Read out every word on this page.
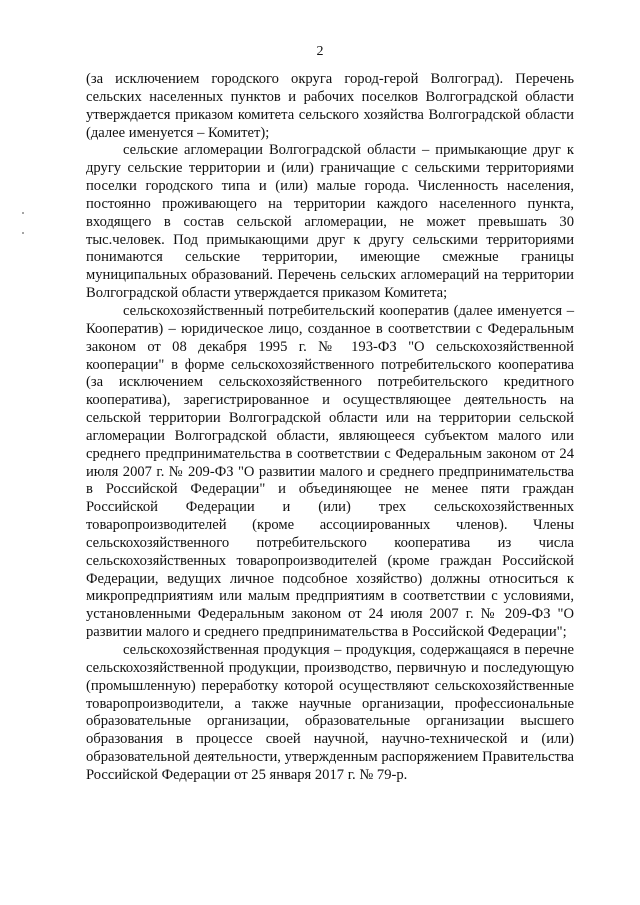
2

(за исключением городского округа город-герой Волгоград). Перечень сельских населенных пунктов и рабочих поселков Волгоградской области утверждается приказом комитета сельского хозяйства Волгоградской области (далее именуется – Комитет);

сельские агломерации Волгоградской области – примыкающие друг к другу сельские территории и (или) граничащие с сельскими территориями поселки городского типа и (или) малые города. Численность населения, постоянно проживающего на территории каждого населенного пункта, входящего в состав сельской агломерации, не может превышать 30 тыс.человек. Под примыкающими друг к другу сельскими территориями понимаются сельские территории, имеющие смежные границы муниципальных образований. Перечень сельских агломераций на территории Волгоградской области утверждается приказом Комитета;

сельскохозяйственный потребительский кооператив (далее именуется – Кооператив) – юридическое лицо, созданное в соответствии с Федеральным законом от 08 декабря 1995 г. № 193-ФЗ "О сельскохозяйственной кооперации" в форме сельскохозяйственного потребительского кооператива (за исключением сельскохозяйственного потребительского кредитного кооператива), зарегистрированное и осуществляющее деятельность на сельской территории Волгоградской области или на территории сельской агломерации Волгоградской области, являющееся субъектом малого или среднего предпринимательства в соответствии с Федеральным законом от 24 июля 2007 г. № 209-ФЗ "О развитии малого и среднего предпринимательства в Российской Федерации" и объединяющее не менее пяти граждан Российской Федерации и (или) трех сельскохозяйственных товаропроизводителей (кроме ассоциированных членов). Члены сельскохозяйственного потребительского кооператива из числа сельскохозяйственных товаропроизводителей (кроме граждан Российской Федерации, ведущих личное подсобное хозяйство) должны относиться к микропредприятиям или малым предприятиям в соответствии с условиями, установленными Федеральным законом от 24 июля 2007 г. № 209-ФЗ "О развитии малого и среднего предпринимательства в Российской Федерации";

сельскохозяйственная продукция – продукция, содержащаяся в перечне сельскохозяйственной продукции, производство, первичную и последующую (промышленную) переработку которой осуществляют сельскохозяйственные товаропроизводители, а также научные организации, профессиональные образовательные организации, образовательные организации высшего образования в процессе своей научной, научно-технической и (или) образовательной деятельности, утвержденным распоряжением Правительства Российской Федерации от 25 января 2017 г. № 79-р.
